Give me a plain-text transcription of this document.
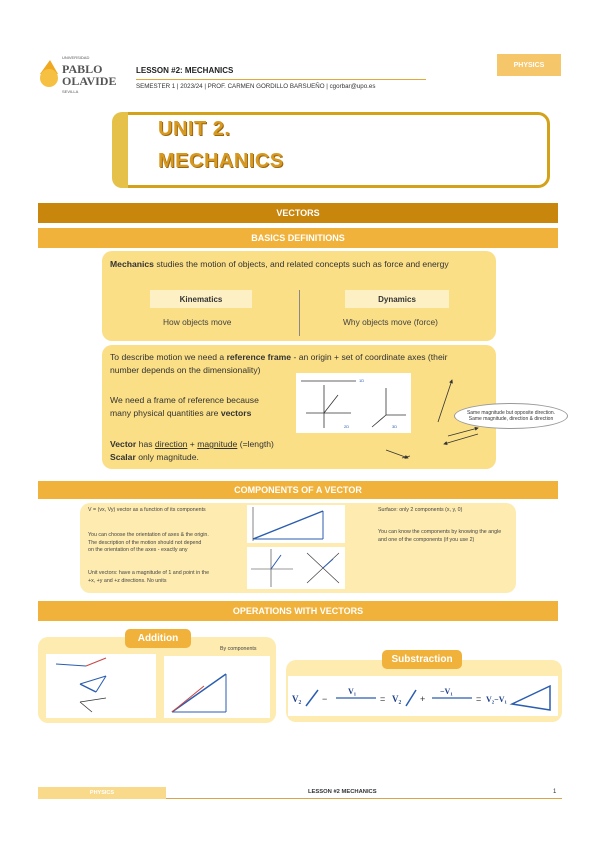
UNIVERSIDAD
PABLO
OLAVIDE
SEVILLA
LESSON #2: MECHANICS
SEMESTER 1 | 2023/24 | PROF. CARMEN GORDILLO BARSUEÑO | cgorbar@upo.es
PHYSICS
UNIT 2.
MECHANICS
VECTORS
BASICS DEFINITIONS
Mechanics studies the motion of objects, and related concepts such as force and energy
Kinematics
How objects move
Dynamics
Why objects move (force)
To describe motion we need a reference frame - an origin + set of coordinate axes (their
number depends on the dimensionality)
We need a frame of reference because
many physical quantities are vectors
Vector has direction + magnitude (=length)
Scalar only magnitude.
1D
2D	3D
Same magnitude but opposite direction.
Same magnitude, direction & direction
COMPONENTS OF A VECTOR
V = (vx, Vy) vector as a function of its components
You can choose the orientation of axes & the origin.
The description of the motion should not depend
on the orientation of the axes - exactly any
Unit vectors: have a magnitude of 1 and point in the
+x, +y and +z directions. No units
Surface: only 2 components (x, y, 0)
You can know the components by knowing the angle
and one of the components (if you use 2)
OPERATIONS WITH VECTORS
Addition
By components
Substraction
V₂ −
V₁
= V₂ +
−V₁
= V₂−V₁
PHYSICS	LESSON #2 MECHANICS	1
